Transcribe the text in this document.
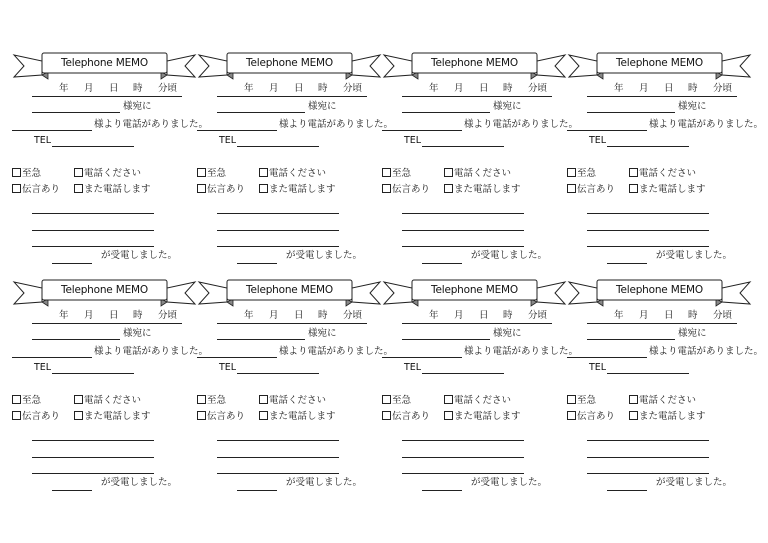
Telephone MEMO
年 月 日 時 分頃
様宛に
様より電話がありました。
TEL
至急	電話ください
伝言あり	また電話します
が受電しました。
Telephone MEMO
年 月 日 時 分頃
様宛に
様より電話がありました。
TEL
至急	電話ください
伝言あり	また電話します
が受電しました。
Telephone MEMO
年 月 日 時 分頃
様宛に
様より電話がありました。
TEL
至急	電話ください
伝言あり	また電話します
が受電しました。
Telephone MEMO
年 月 日 時 分頃
様宛に
様より電話がありました。
TEL
至急	電話ください
伝言あり	また電話します
が受電しました。
Telephone MEMO
年 月 日 時 分頃
様宛に
様より電話がありました。
TEL
至急	電話ください
伝言あり	また電話します
が受電しました。
Telephone MEMO
年 月 日 時 分頃
様宛に
様より電話がありました。
TEL
至急	電話ください
伝言あり	また電話します
が受電しました。
Telephone MEMO
年 月 日 時 分頃
様宛に
様より電話がありました。
TEL
至急	電話ください
伝言あり	また電話します
が受電しました。
Telephone MEMO
年 月 日 時 分頃
様宛に
様より電話がありました。
TEL
至急	電話ください
伝言あり	また電話します
が受電しました。
